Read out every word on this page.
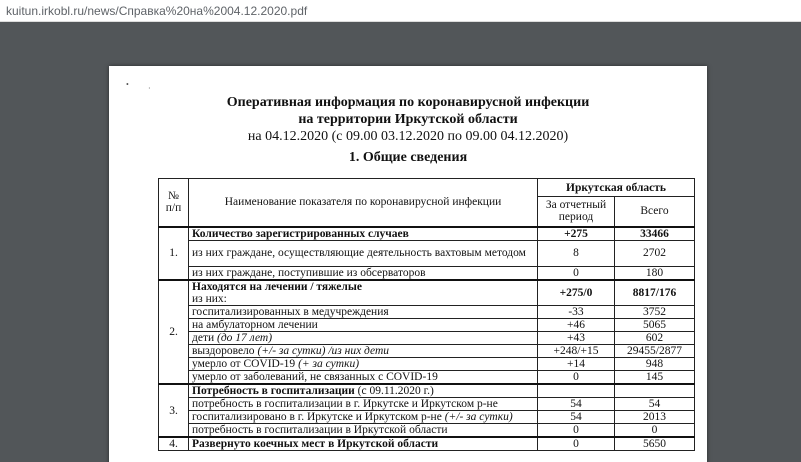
kuitun.irkobl.ru/news/Справка%20на%2004.12.2020.pdf
• ·
Оперативная информация по коронавирусной инфекции
на территории Иркутской области
на 04.12.2020 (с 09.00 03.12.2020 по 09.00 04.12.2020)
1. Общие сведения
№ п/п	Наименование показателя по коронавирусной инфекции	Иркутская область	
		За отчетный период	Всего
1.	Количество зарегистрированных случаев	+275	33466
	из них граждане, осуществляющие деятельность вахтовым методом	8	2702
	из них граждане, поступившие из обсерваторов	0	180
2.	Находятся на лечении / тяжелые
из них:	+275/0	8817/176
	госпитализированных в медучреждения	-33	3752
	на амбулаторном лечении	+46	5065
	дети (до 17 лет)	+43	602
	выздоровело (+/- за сутки) /из них дети	+248/+15	29455/2877
	умерло от COVID-19 (+ за сутки)	+14	948
	умерло от заболеваний, не связанных с COVID-19	0	145
3.	Потребность в госпитализации (с 09.11.2020 г.)		
	потребность в госпитализации в г. Иркутске и Иркутском р-не	54	54
	госпитализировано в г. Иркутске и Иркутском р-не (+/- за сутки)	54	2013
	потребность в госпитализации в Иркутской области	0	0
4.	Развернуто коечных мест в Иркутской области	0	5650
